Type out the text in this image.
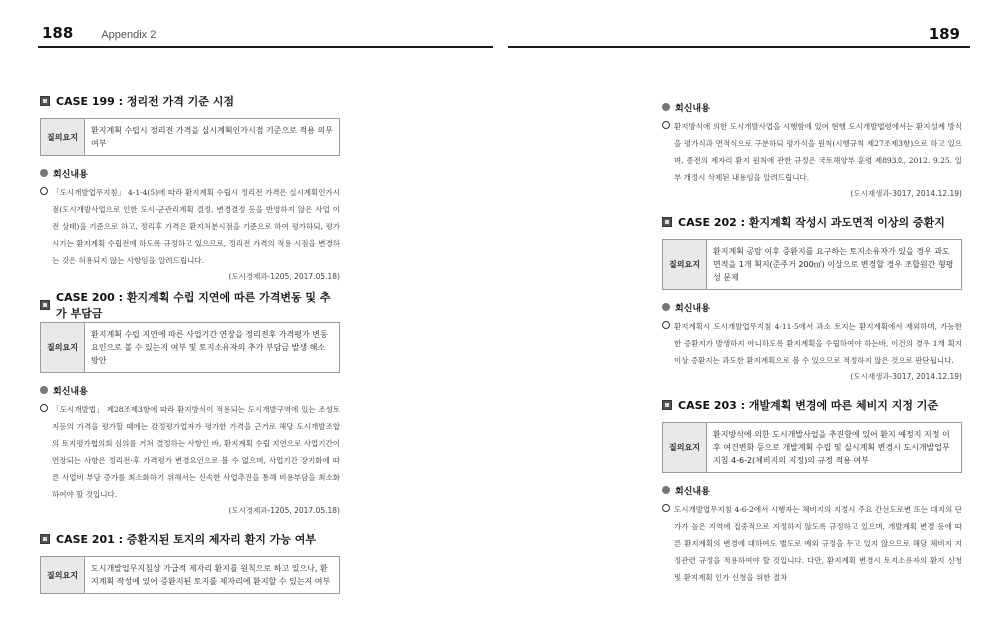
188	Appendix 2	189
CASE 199 : 정리전 가격 기준 시점
질의요지
환지계획 수립시 정리전 가격을 실시계획인가시점 기준으로 적용 의무 여부
회신내용
「도시개발업무지침」 4-1-4(5)에 따라 환지계획 수립시 정리전 가격은 실시계획인가시점(도시개발사업으로 인한 도시·군관리계획 결정, 변경결정 등을 반영하지 않은 사업 이전 상태)을 기준으로 하고, 정리후 가격은 환지처분시점을 기준으로 하여 평가하되, 평가시기는 환지계획 수립전에 하도록 규정하고 있으므로, 정리전 가격의 적용 시점을 변경하는 것은 허용되지 않는 사항임을 알려드립니다.
(도시경제과-1205, 2017.05.18)
CASE 200 : 환지계획 수립 지연에 따른 가격변동 및 추가 부담금
질의요지
환지계획 수립 지연에 따른 사업기간 연장을 정리전후 가격평가 변동요인으로 볼 수 있는지 여부 및 토지소유자의 추가 부담금 발생 해소 방안
회신내용
「도시개발법」 제28조제3항에 따라 환지방식이 적용되는 도시개발구역에 있는 조성토지등의 가격을 평가할 때에는 감정평가업자가 평가한 가격을 근거로 해당 도시개발조합의 토지평가협의회 심의를 거쳐 결정하는 사항인 바, 환지계획 수립 지연으로 사업기간이 연장되는 사항은 정리전·후 가격평가 변경요인으로 볼 수 없으며, 사업기간 장기화에 따른 사업비 부담 증가를 최소화하기 위해서는 신속한 사업추진을 통해 비용부담을 최소화하여야 할 것입니다.
(도시경제과-1205, 2017.05.18)
CASE 201 : 증환지된 토지의 제자리 환지 가능 여부
질의요지
도시개발업무지침상 가급적 제자리 환지를 원칙으로 하고 있으나, 환지계획 작성에 있어 증환지된 토지를 제자리에 환지할 수 있는지 여부
회신내용
환지방식에 의한 도시개발사업을 시행함에 있어 현행 도시개발법령에서는 환지설계 방식을 평가식과 면적식으로 구분하되 평가식을 원칙(시행규칙 제27조제3항)으로 하고 있으며, 종전의 제자리 환지 원칙에 관한 규정은 국토해양부 훈령 제893호, 2012. 9.25. 일부 개정시 삭제된 내용임을 알려드립니다.
(도시재생과-3017, 2014.12.19)
CASE 202 : 환지계획 작성시 과도면적 이상의 증환지
질의요지
환지계획 공람 이후 증환지를 요구하는 토지소유자가 있을 경우 과도면적을 1개 획지(준주거 200㎡) 이상으로 변경할 경우 조합원간 형평성 문제
회신내용
환지계획시 도시개발업무지침 4-11-5에서 과소 토지는 환지계획에서 제외하며, 가능한 한 증환지가 발생하지 아니하도록 환지계획을 수립하여야 하는바, 이건의 경우 1개 획지 이상 증환지는 과도한 환지계획으로 볼 수 있으므로 적정하지 않은 것으로 판단됩니다.
(도시재생과-3017, 2014.12.19)
CASE 203 : 개발계획 변경에 따른 체비지 지정 기준
질의요지
환지방식에 의한 도시개발사업을 추진함에 있어 환지 예정지 지정 이후 여건변화 등으로 개발계획 수립 및 실시계획 변경시 도시개발업무지침 4-6-2(체비지의 지정)의 규정 적용 여부
회신내용
도시개발업무지침 4-6-2에서 시행자는 체비지의 지정시 주요 간선도로변 또는 대지의 단가가 높은 지역에 집중적으로 지정하지 않도록 규정하고 있으며, 개발계획 변경 등에 따른 환지계획의 변경에 대하여도 별도로 예외 규정을 두고 있지 않으므로 해당 체비지 지정관련 규정을 적용하여야 할 것입니다. 다만, 환지계획 변경시 토지소유자의 환지 신청 및 환지계획 인가 신청을 위한 절차
